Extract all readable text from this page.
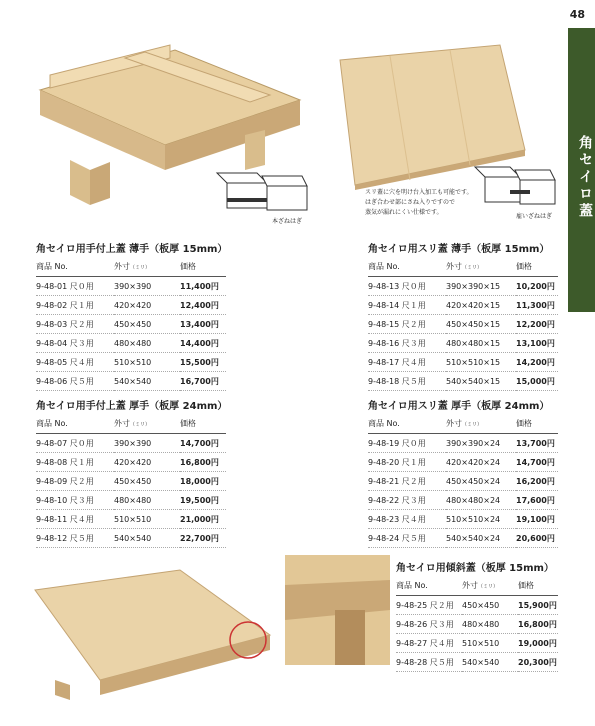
48
角セイロ蓋
本ざねはぎ
スリ蓋に穴を明け台入加工も可能です。
はぎ合わせ部にさね入りですので
蒸気が漏れにくい仕様です。
雇いざねはぎ
角セイロ用手付上蓋 薄手（板厚 15mm）
商品 No.	外寸（ミリ）	価格
9-48-01 尺０用	390×390	11,400円
9-48-02 尺１用	420×420	12,400円
9-48-03 尺２用	450×450	13,400円
9-48-04 尺３用	480×480	14,400円
9-48-05 尺４用	510×510	15,500円
9-48-06 尺５用	540×540	16,700円
角セイロ用手付上蓋 厚手（板厚 24mm）
商品 No.	外寸（ミリ）	価格
9-48-07 尺０用	390×390	14,700円
9-48-08 尺１用	420×420	16,800円
9-48-09 尺２用	450×450	18,000円
9-48-10 尺３用	480×480	19,500円
9-48-11 尺４用	510×510	21,000円
9-48-12 尺５用	540×540	22,700円
角セイロ用スリ蓋 薄手（板厚 15mm）
商品 No.	外寸（ミリ）	価格
9-48-13 尺０用	390×390×15	10,200円
9-48-14 尺１用	420×420×15	11,300円
9-48-15 尺２用	450×450×15	12,200円
9-48-16 尺３用	480×480×15	13,100円
9-48-17 尺４用	510×510×15	14,200円
9-48-18 尺５用	540×540×15	15,000円
角セイロ用スリ蓋 厚手（板厚 24mm）
商品 No.	外寸（ミリ）	価格
9-48-19 尺０用	390×390×24	13,700円
9-48-20 尺１用	420×420×24	14,700円
9-48-21 尺２用	450×450×24	16,200円
9-48-22 尺３用	480×480×24	17,600円
9-48-23 尺４用	510×510×24	19,100円
9-48-24 尺５用	540×540×24	20,600円
角セイロ用傾斜蓋（板厚 15mm）
商品 No.	外寸（ミリ）	価格
9-48-25 尺２用	450×450	15,900円
9-48-26 尺３用	480×480	16,800円
9-48-27 尺４用	510×510	19,000円
9-48-28 尺５用	540×540	20,300円
